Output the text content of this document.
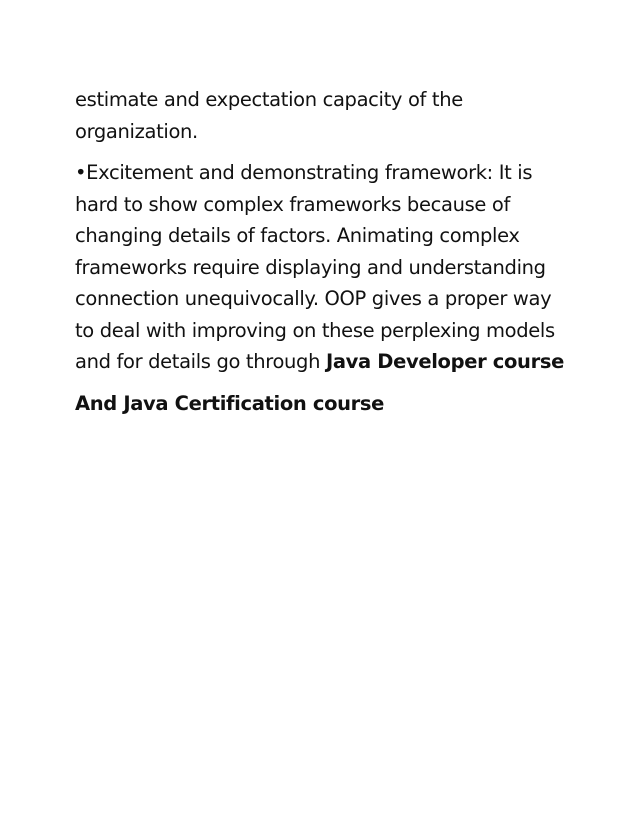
estimate and expectation capacity of the organization.

•Excitement and demonstrating framework: It is hard to show complex frameworks because of changing details of factors. Animating complex frameworks require displaying and understanding connection unequivocally. OOP gives a proper way to deal with improving on these perplexing models and for details go through Java Developer course

And Java Certification course
